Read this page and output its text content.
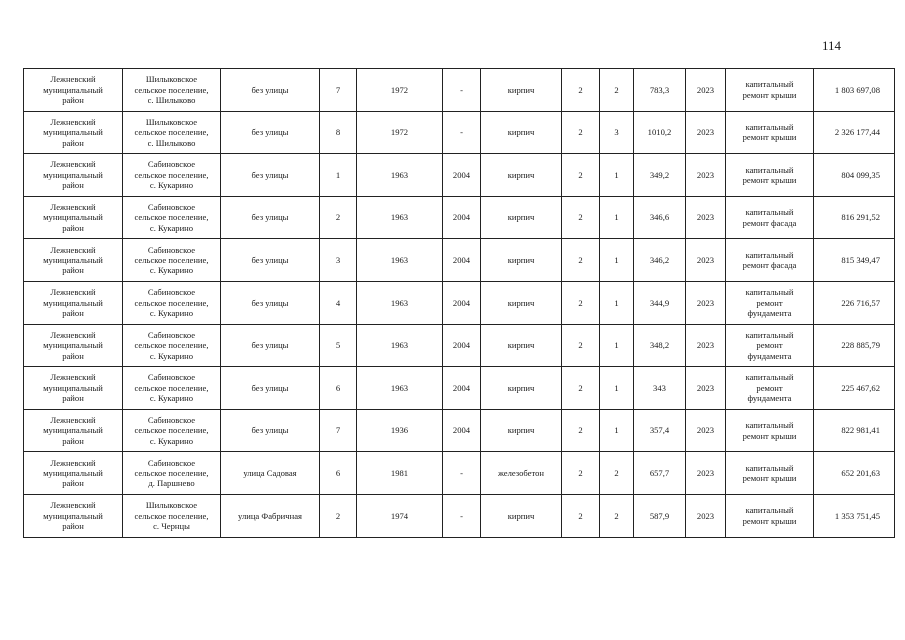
114
Лежневский
муниципальный
район	Шилыковское
сельское поселение,
с. Шилыково	без улицы	7	1972	-	кирпич	2	2	783,3	2023	капитальный
ремонт крыши	1 803 697,08
Лежневский
муниципальный
район	Шилыковское
сельское поселение,
с. Шилыково	без улицы	8	1972	-	кирпич	2	3	1010,2	2023	капитальный
ремонт крыши	2 326 177,44
Лежневский
муниципальный
район	Сабиновское
сельское поселение,
с. Кукарино	без улицы	1	1963	2004	кирпич	2	1	349,2	2023	капитальный
ремонт крыши	804 099,35
Лежневский
муниципальный
район	Сабиновское
сельское поселение,
с. Кукарино	без улицы	2	1963	2004	кирпич	2	1	346,6	2023	капитальный
ремонт фасада	816 291,52
Лежневский
муниципальный
район	Сабиновское
сельское поселение,
с. Кукарино	без улицы	3	1963	2004	кирпич	2	1	346,2	2023	капитальный
ремонт фасада	815 349,47
Лежневский
муниципальный
район	Сабиновское
сельское поселение,
с. Кукарино	без улицы	4	1963	2004	кирпич	2	1	344,9	2023	капитальный
ремонт
фундамента	226 716,57
Лежневский
муниципальный
район	Сабиновское
сельское поселение,
с. Кукарино	без улицы	5	1963	2004	кирпич	2	1	348,2	2023	капитальный
ремонт
фундамента	228 885,79
Лежневский
муниципальный
район	Сабиновское
сельское поселение,
с. Кукарино	без улицы	6	1963	2004	кирпич	2	1	343	2023	капитальный
ремонт
фундамента	225 467,62
Лежневский
муниципальный
район	Сабиновское
сельское поселение,
с. Кукарино	без улицы	7	1936	2004	кирпич	2	1	357,4	2023	капитальный
ремонт крыши	822 981,41
Лежневский
муниципальный
район	Сабиновское
сельское поселение,
д. Паршнево	улица Садовая	6	1981	-	железобетон	2	2	657,7	2023	капитальный
ремонт крыши	652 201,63
Лежневский
муниципальный
район	Шилыковское
сельское поселение,
с. Чернцы	улица Фабричная	2	1974	-	кирпич	2	2	587,9	2023	капитальный
ремонт крыши	1 353 751,45
